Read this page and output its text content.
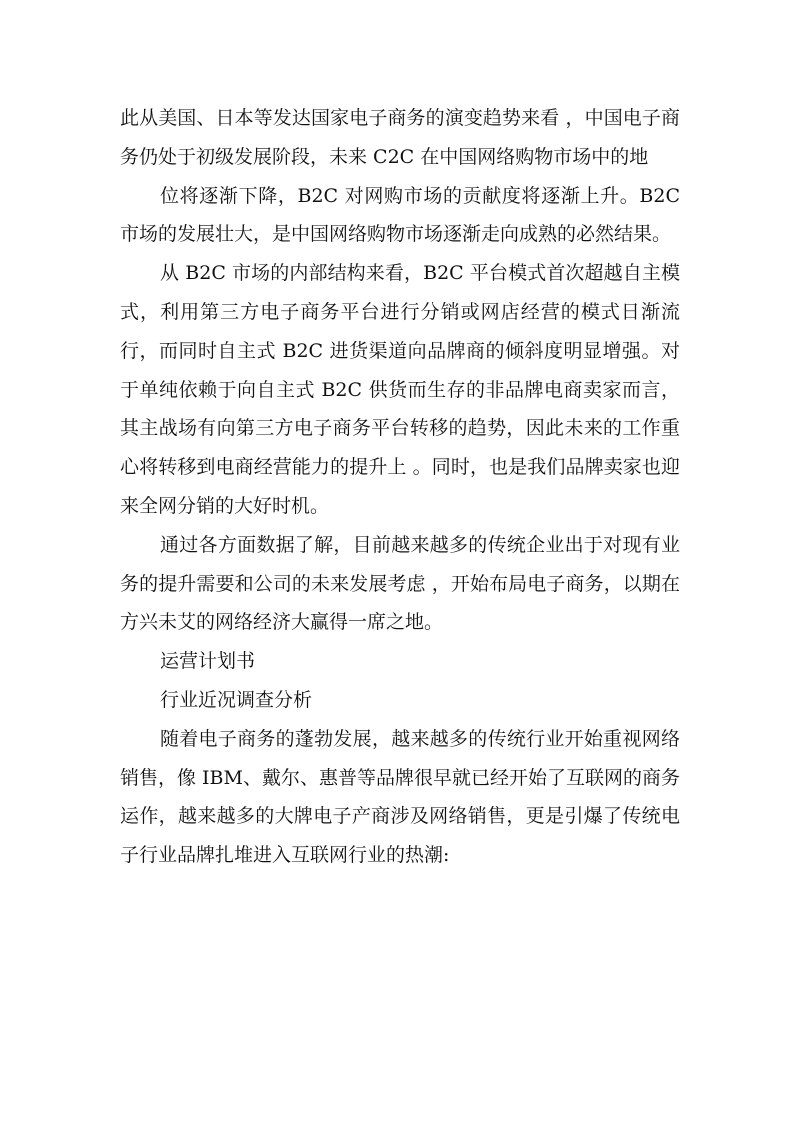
此从美国、日本等发达国家电子商务的演变趋势来看 ，中国电子商务仍处于初级发展阶段，未来 C2C 在中国网络购物市场中的地

位将逐渐下降，B2C 对网购市场的贡献度将逐渐上升。B2C 市场的发展壮大，是中国网络购物市场逐渐走向成熟的必然结果。

从 B2C 市场的内部结构来看，B2C 平台模式首次超越自主模式，利用第三方电子商务平台进行分销或网店经营的模式日渐流行，而同时自主式 B2C 进货渠道向品牌商的倾斜度明显增强。对于单纯依赖于向自主式 B2C 供货而生存的非品牌电商卖家而言，其主战场有向第三方电子商务平台转移的趋势，因此未来的工作重心将转移到电商经营能力的提升上 。同时，也是我们品牌卖家也迎来全网分销的大好时机。

通过各方面数据了解，目前越来越多的传统企业出于对现有业务的提升需要和公司的未来发展考虑 ，开始布局电子商务，以期在方兴未艾的网络经济大赢得一席之地。

运营计划书

行业近况调查分析

随着电子商务的蓬勃发展，越来越多的传统行业开始重视网络销售，像 IBM、戴尔、惠普等品牌很早就已经开始了互联网的商务运作，越来越多的大牌电子产商涉及网络销售，更是引爆了传统电子行业品牌扎堆进入互联网行业的热潮:
